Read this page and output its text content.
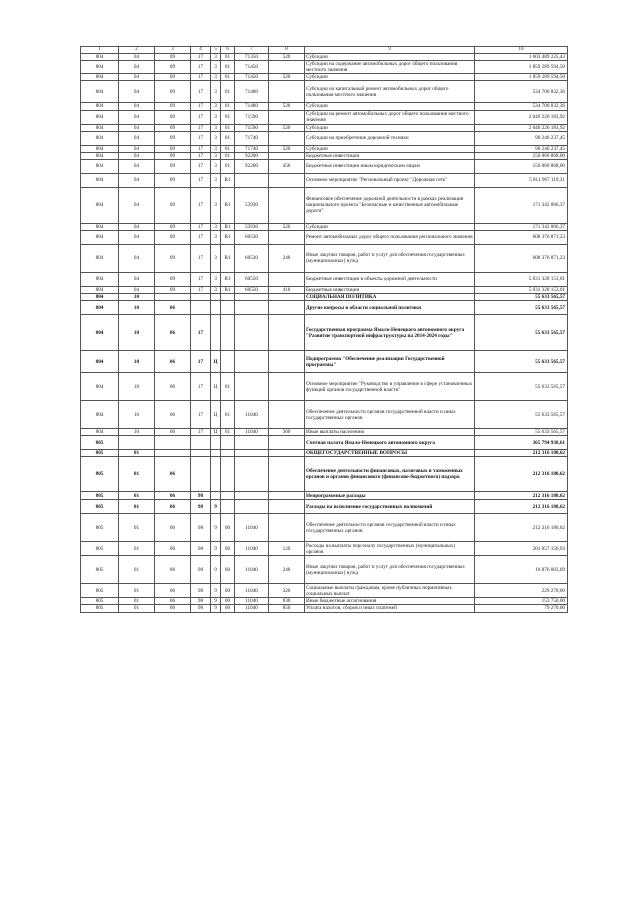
1	2	3	4	5	6	7	8	9	10
804	04	09	17	3	01	71350	520	Субсидии	1 603 489 225,43
804	04	09	17	3	01	71450		Субсидии на содержание автомобильных дорог общего пользования местного значения	1 859 289 594,50
804	04	09	17	3	01	71450	520	Субсидии	1 859 289 594,50
804	04	09	17	3	01	71480		Субсидии на капитальный ремонт автомобильных дорог общего пользования местного значения	534 700 832,36
804	04	09	17	3	01	71480	520	Субсидии	534 700 832,36
804	04	09	17	3	01	71590		Субсидии на ремонт автомобильных дорог общего пользования местного значения	2 040 226 183,92
804	04	09	17	3	01	71590	520	Субсидии	2 040 226 183,92
804	04	09	17	3	01	71740		Субсидии на приобретение дорожной техники	90 246 237,45
804	04	09	17	3	01	71740	520	Субсидии	90 246 237,45
804	04	09	17	3	01	92200		Бюджетные инвестиции	150 060 868,00
804	04	09	17	3	01	92200	450	Бюджетные инвестиции иным юридическим лицам	150 060 868,00
804	04	09	17	3	R1			Основное мероприятие "Региональный проект "Дорожная сеть"	5 811 967 119,31
804	04	09	17	3	R1	53930		Финансовое обеспечение дорожной деятельности в рамках реализации национального проекта "Безопасные и качественные автомобильные дороги"	171 342 066,37
804	04	09	17	3	R1	53930	520	Субсидии	171 342 066,37
804	04	09	17	3	R1	60530		Ремонт автомобильных дорог общего пользования регионального значения	608 376 871,23
804	04	09	17	3	R1	60530	240	Иные закупки товаров, работ и услуг для обеспечения государственных (муниципальных) нужд	608 376 871,23
804	04	09	17	3	R1	60550		Бюджетные инвестиции в объекты дорожной деятельности	5 031 328 153,01
804	04	09	17	3	R1	60550	410	Бюджетные инвестиции	5 031 328 153,01
804	10							СОЦИАЛЬНАЯ ПОЛИТИКА	55 633 565,57
804	10	06						Другие вопросы в области социальной политики	55 633 565,57
804	10	06	17					Государственная программа Ямало-Ненецкого автономного округа "Развитие транспортной инфраструктуры на 2014-2024 годы"	55 633 565,57
804	10	06	17	Ц				Подпрограмма "Обеспечение реализации Государственной программы"	55 633 565,57
804	10	06	17	Ц	01			Основное мероприятие "Руководство и управление в сфере установленных функций органов государственной власти"	55 633 565,57
804	10	06	17	Ц	01	11040		Обеспечение деятельности органов государственной власти и иных государственных органов	55 633 565,57
804	10	06	17	Ц	01	11040	360	Иные выплаты населению	55 633 565,57
805								Счетная палата Ямало-Ненецкого автономного округа	365 794 938,61
805	01							ОБЩЕГОСУДАРСТВЕННЫЕ ВОПРОСЫ	212 316 180,62
805	01	06						Обеспечение деятельности финансовых, налоговых и таможенных органов и органов финансового (финансово-бюджетного) надзора	212 316 180,62
805	01	06	98					Непрограммные расходы	212 316 180,62
805	01	06	98	9				Расходы на исполнение государственных полномочий	212 316 180,62
805	01	06	98	9	00	11040		Обеспечение деятельности органов государственной власти и иных государственных органов	212 316 180,62
805	01	06	98	9	00	11040	120	Расходы на выплаты персоналу государственных (муниципальных) органов	201 057 156,93
805	01	06	98	9	00	11040	240	Иные закупки товаров, работ и услуг для обеспечения государственных (муниципальных) нужд	10 876 003,69
805	01	06	98	9	00	11040	320	Социальные выплаты гражданам, кроме публичных нормативных социальных выплат	229 270,00
805	01	06	98	9	00	11040	830	Иные бюджетные ассигнования	153 750,00
805	01	06	98	9	00	11040	850	Уплата налогов, сборов и иных платежей	79 270,00
